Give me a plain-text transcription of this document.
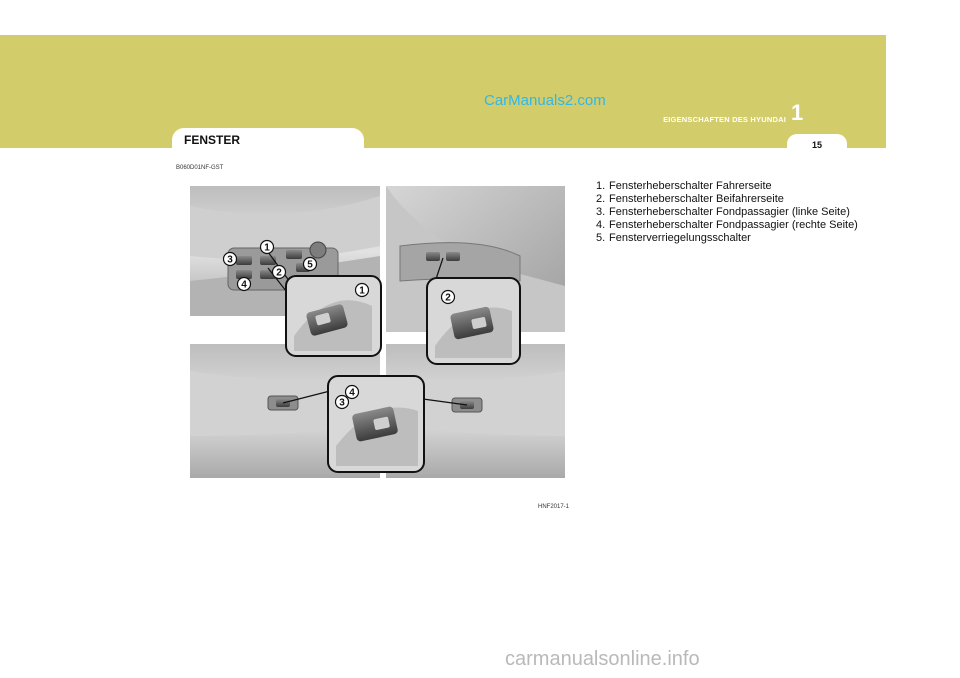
CarManuals2.com
EIGENSCHAFTEN DES HYUNDAI 1
15
FENSTER
B060D01NF-GST
1
2
3
4
5
1
2
4
3
HNF2017-1
1. Fensterheberschalter Fahrerseite
2. Fensterheberschalter Beifahrerseite
3. Fensterheberschalter Fondpassagier (linke Seite)
4. Fensterheberschalter Fondpassagier (rechte Seite)
5. Fensterverriegelungsschalter
carmanualsonline.info
